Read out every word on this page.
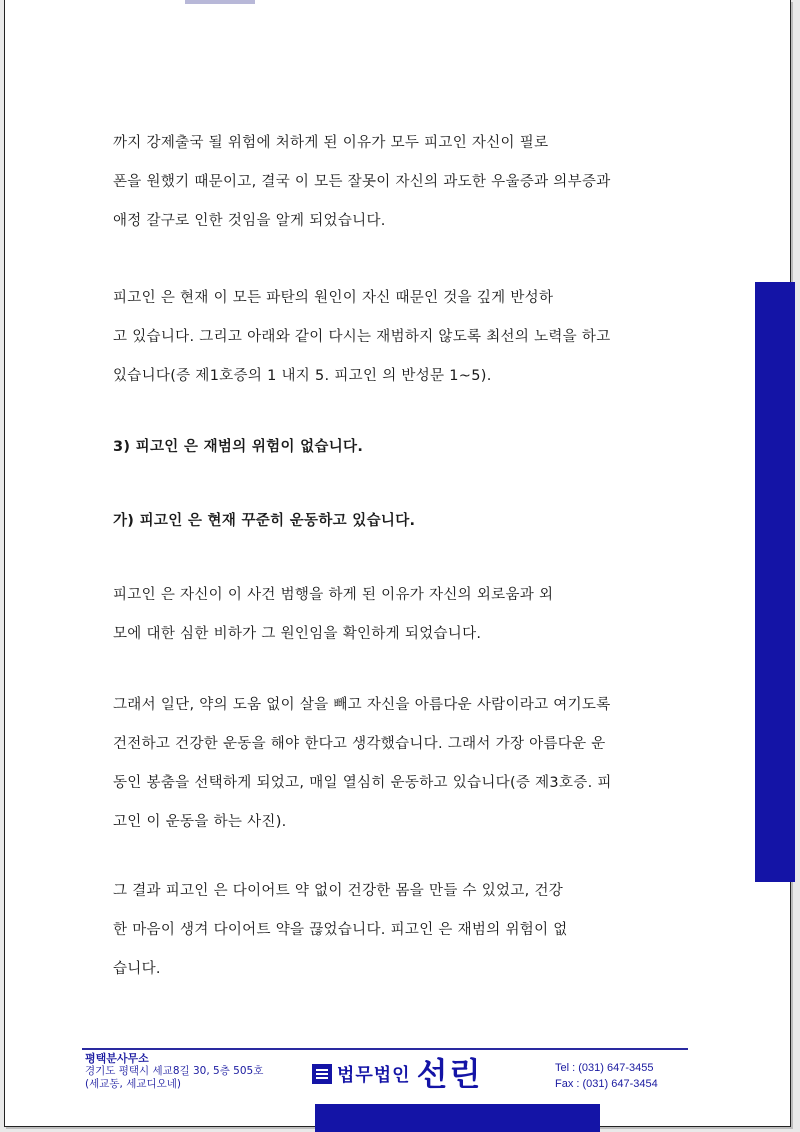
까지 강제출국 될 위험에 처하게 된 이유가 모두 피고인 자신이 필로

폰을 원했기 때문이고, 결국 이 모든 잘못이 자신의 과도한 우울증과 의부증과

애정 갈구로 인한 것임을 알게 되었습니다.

피고인 은 현재 이 모든 파탄의 원인이 자신 때문인 것을 깊게 반성하

고 있습니다. 그리고 아래와 같이 다시는 재범하지 않도록 최선의 노력을 하고

있습니다(증 제1호증의 1 내지 5. 피고인 의 반성문 1~5).

3) 피고인 은 재범의 위험이 없습니다.

가) 피고인 은 현재 꾸준히 운동하고 있습니다.

피고인 은 자신이 이 사건 범행을 하게 된 이유가 자신의 외로움과 외

모에 대한 심한 비하가 그 원인임을 확인하게 되었습니다.

그래서 일단, 약의 도움 없이 살을 빼고 자신을 아름다운 사람이라고 여기도록

건전하고 건강한 운동을 해야 한다고 생각했습니다. 그래서 가장 아름다운 운

동인 봉춤을 선택하게 되었고, 매일 열심히 운동하고 있습니다(증 제3호증. 피

고인 이 운동을 하는 사진).

그 결과 피고인 은 다이어트 약 없이 건강한 몸을 만들 수 있었고, 건강

한 마음이 생겨 다이어트 약을 끊었습니다. 피고인 은 재범의 위험이 없

습니다.

평택분사무소
경기도 평택시 세교8길 30, 5층 505호
(세교동, 세교디오네)	법무법인 선린	Tel : (031) 647-3455
Fax : (031) 647-3454
